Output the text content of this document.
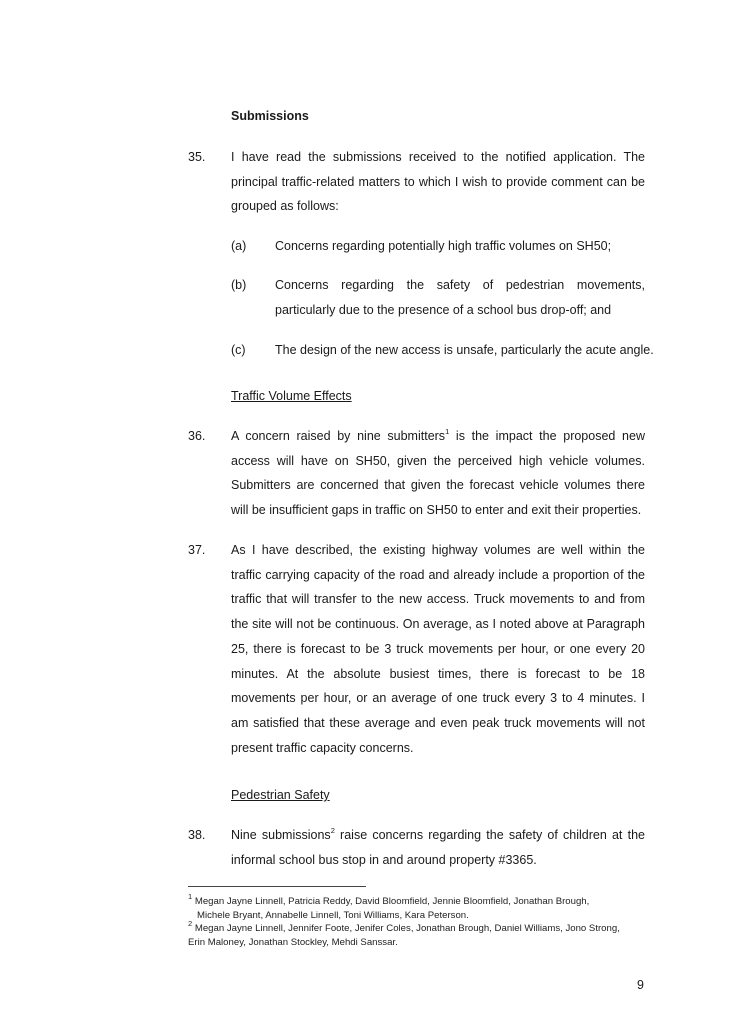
Submissions
35. I have read the submissions received to the notified application. The principal traffic-related matters to which I wish to provide comment can be grouped as follows:
(a) Concerns regarding potentially high traffic volumes on SH50;
(b) Concerns regarding the safety of pedestrian movements, particularly due to the presence of a school bus drop-off; and
(c) The design of the new access is unsafe, particularly the acute angle.
Traffic Volume Effects
36. A concern raised by nine submitters$^1$ is the impact the proposed new access will have on SH50, given the perceived high vehicle volumes. Submitters are concerned that given the forecast vehicle volumes there will be insufficient gaps in traffic on SH50 to enter and exit their properties.
37. As I have described, the existing highway volumes are well within the traffic carrying capacity of the road and already include a proportion of the traffic that will transfer to the new access. Truck movements to and from the site will not be continuous. On average, as I noted above at Paragraph 25, there is forecast to be 3 truck movements per hour, or one every 20 minutes. At the absolute busiest times, there is forecast to be 18 movements per hour, or an average of one truck every 3 to 4 minutes. I am satisfied that these average and even peak truck movements will not present traffic capacity concerns.
Pedestrian Safety
38. Nine submissions$^2$ raise concerns regarding the safety of children at the informal school bus stop in and around property #3365.
$^1$ Megan Jayne Linnell, Patricia Reddy, David Bloomfield, Jennie Bloomfield, Jonathan Brough,
Michele Bryant, Annabelle Linnell, Toni Williams, Kara Peterson.
$^2$ Megan Jayne Linnell, Jennifer Foote, Jenifer Coles, Jonathan Brough, Daniel Williams, Jono Strong,
Erin Maloney, Jonathan Stockley, Mehdi Sanssar.
9
